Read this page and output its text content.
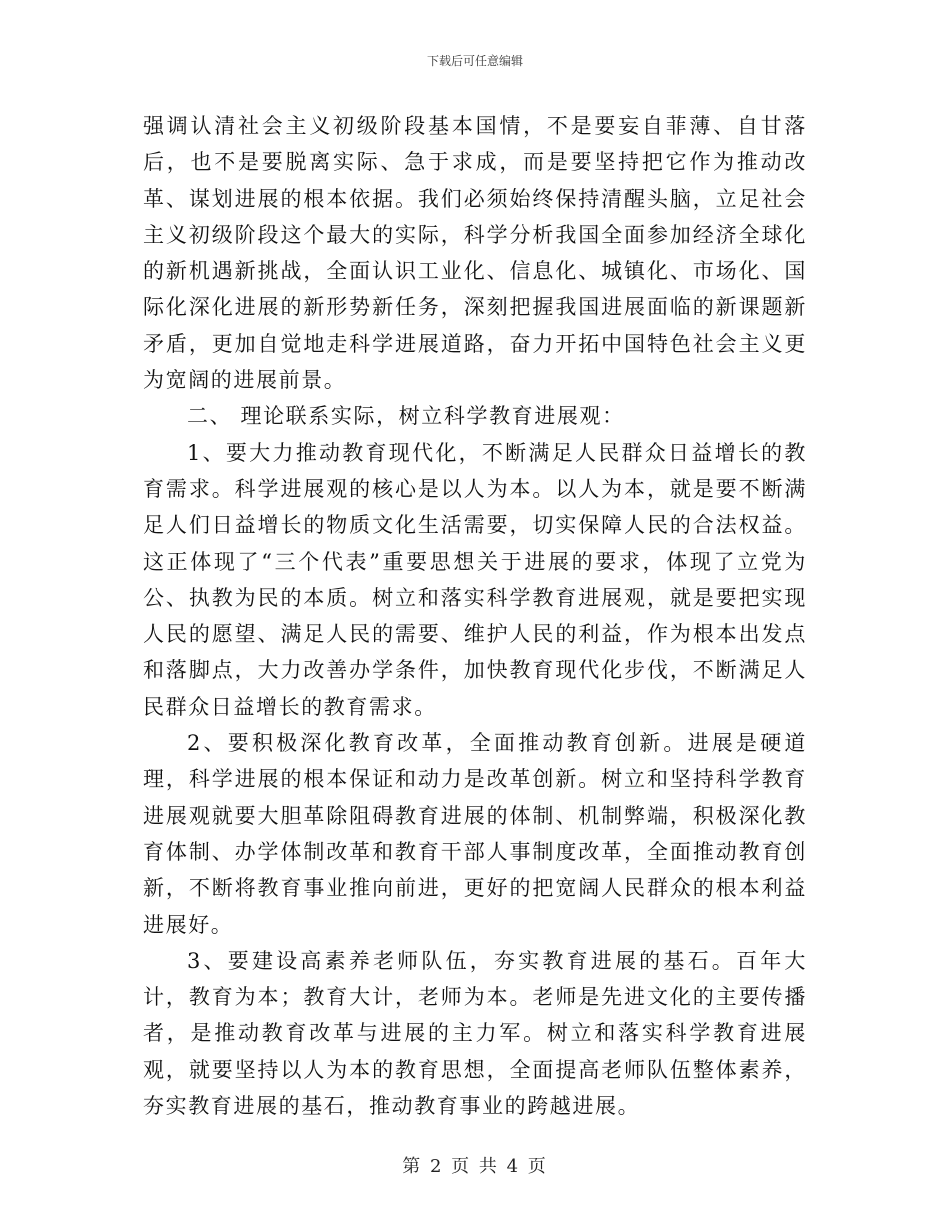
下载后可任意编辑

强调认清社会主义初级阶段基本国情，不是要妄自菲薄、自甘落后，也不是要脱离实际、急于求成，而是要坚持把它作为推动改革、谋划进展的根本依据。我们必须始终保持清醒头脑，立足社会主义初级阶段这个最大的实际，科学分析我国全面参加经济全球化的新机遇新挑战，全面认识工业化、信息化、城镇化、市场化、国际化深化进展的新形势新任务，深刻把握我国进展面临的新课题新矛盾，更加自觉地走科学进展道路，奋力开拓中国特色社会主义更为宽阔的进展前景。

二、 理论联系实际，树立科学教育进展观：

1、要大力推动教育现代化，不断满足人民群众日益增长的教育需求。科学进展观的核心是以人为本。以人为本，就是要不断满足人们日益增长的物质文化生活需要，切实保障人民的合法权益。这正体现了“三个代表”重要思想关于进展的要求，体现了立党为公、执教为民的本质。树立和落实科学教育进展观，就是要把实现人民的愿望、满足人民的需要、维护人民的利益，作为根本出发点和落脚点，大力改善办学条件，加快教育现代化步伐，不断满足人民群众日益增长的教育需求。

2、要积极深化教育改革，全面推动教育创新。进展是硬道理，科学进展的根本保证和动力是改革创新。树立和坚持科学教育进展观就要大胆革除阻碍教育进展的体制、机制弊端，积极深化教育体制、办学体制改革和教育干部人事制度改革，全面推动教育创新，不断将教育事业推向前进，更好的把宽阔人民群众的根本利益进展好。

3、要建设高素养老师队伍，夯实教育进展的基石。百年大计，教育为本；教育大计，老师为本。老师是先进文化的主要传播者，是推动教育改革与进展的主力军。树立和落实科学教育进展观，就要坚持以人为本的教育思想，全面提高老师队伍整体素养，夯实教育进展的基石，推动教育事业的跨越进展。

第 2 页 共 4 页
